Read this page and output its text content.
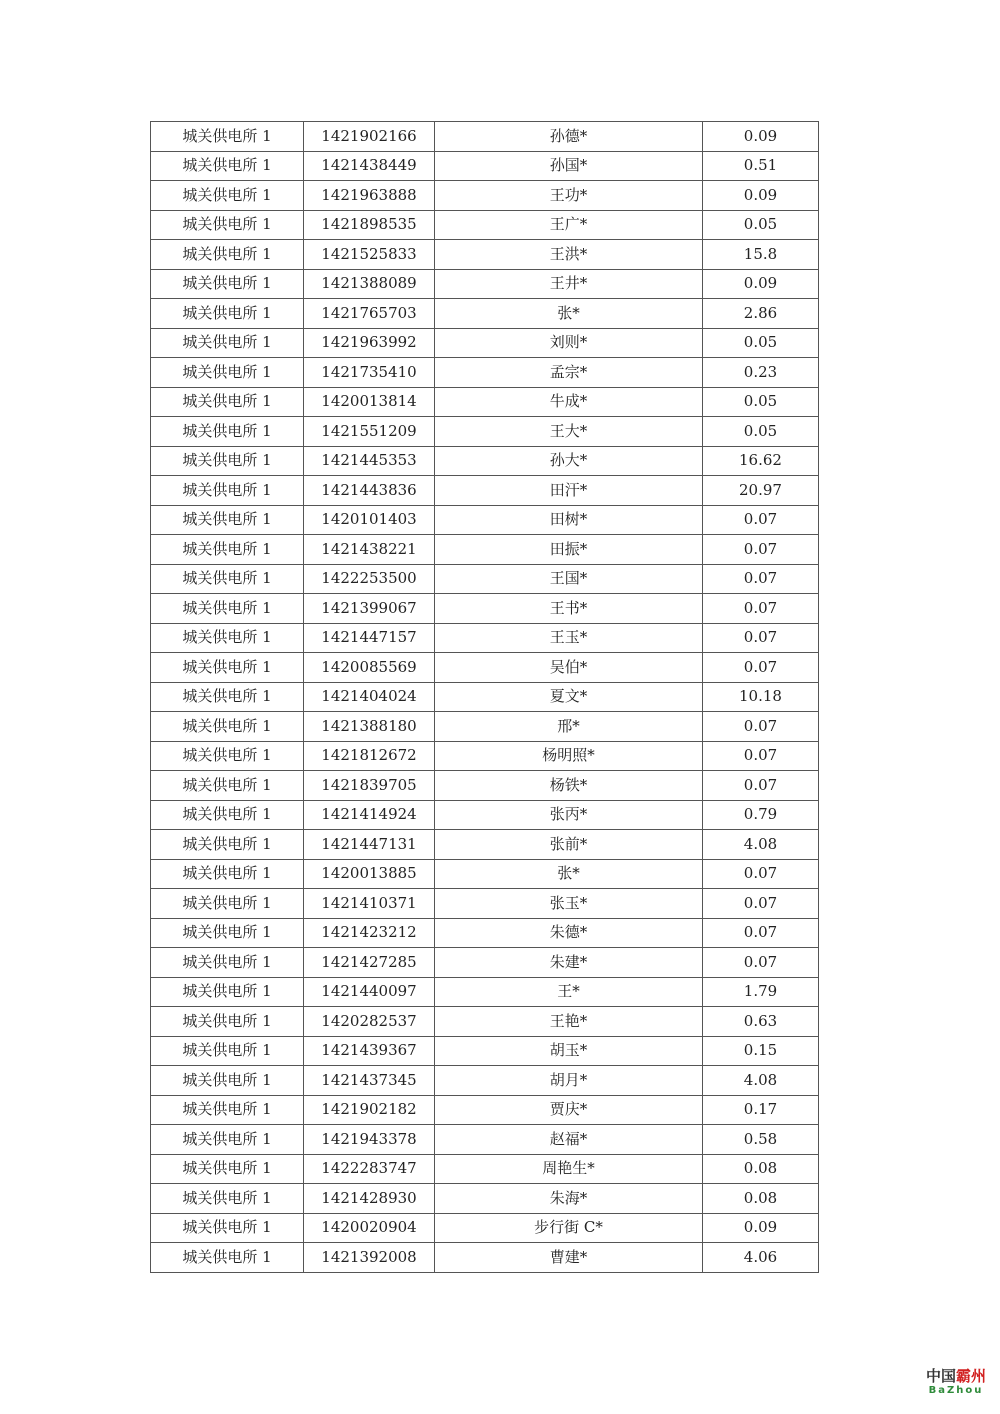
城关供电所 1	1421902166	孙德*	0.09
城关供电所 1	1421438449	孙国*	0.51
城关供电所 1	1421963888	王功*	0.09
城关供电所 1	1421898535	王广*	0.05
城关供电所 1	1421525833	王洪*	15.8
城关供电所 1	1421388089	王井*	0.09
城关供电所 1	1421765703	张*	2.86
城关供电所 1	1421963992	刘则*	0.05
城关供电所 1	1421735410	孟宗*	0.23
城关供电所 1	1420013814	牛成*	0.05
城关供电所 1	1421551209	王大*	0.05
城关供电所 1	1421445353	孙大*	16.62
城关供电所 1	1421443836	田汗*	20.97
城关供电所 1	1420101403	田树*	0.07
城关供电所 1	1421438221	田振*	0.07
城关供电所 1	1422253500	王国*	0.07
城关供电所 1	1421399067	王书*	0.07
城关供电所 1	1421447157	王玉*	0.07
城关供电所 1	1420085569	吴伯*	0.07
城关供电所 1	1421404024	夏文*	10.18
城关供电所 1	1421388180	邢*	0.07
城关供电所 1	1421812672	杨明照*	0.07
城关供电所 1	1421839705	杨铁*	0.07
城关供电所 1	1421414924	张丙*	0.79
城关供电所 1	1421447131	张前*	4.08
城关供电所 1	1420013885	张*	0.07
城关供电所 1	1421410371	张玉*	0.07
城关供电所 1	1421423212	朱德*	0.07
城关供电所 1	1421427285	朱建*	0.07
城关供电所 1	1421440097	王*	1.79
城关供电所 1	1420282537	王艳*	0.63
城关供电所 1	1421439367	胡玉*	0.15
城关供电所 1	1421437345	胡月*	4.08
城关供电所 1	1421902182	贾庆*	0.17
城关供电所 1	1421943378	赵福*	0.58
城关供电所 1	1422283747	周艳生*	0.08
城关供电所 1	1421428930	朱海*	0.08
城关供电所 1	1420020904	步行街 C*	0.09
城关供电所 1	1421392008	曹建*	4.06
中国霸州
BaZhou
